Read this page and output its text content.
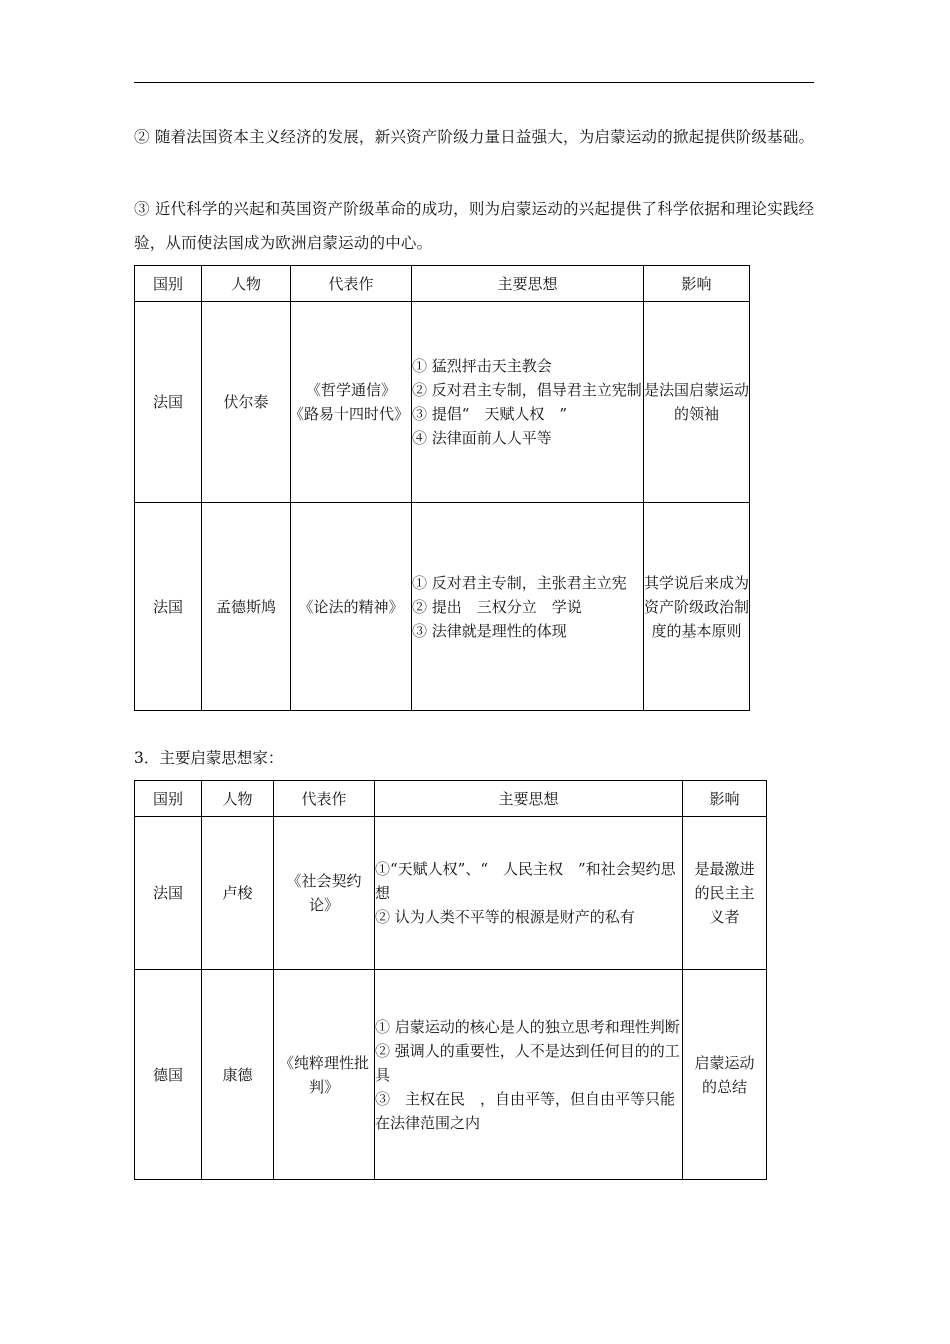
② 随着法国资本主义经济的发展，新兴资产阶级力量日益强大，为启蒙运动的掀起提供阶级基础。
③ 近代科学的兴起和英国资产阶级革命的成功，则为启蒙运动的兴起提供了科学依据和理论实践经验，从而使法国成为欧洲启蒙运动的中心。
国别	人物	代表作	主要思想	影响
法国	伏尔泰	《哲学通信》
《路易十四时代》	① 猛烈抨击天主教会
② 反对君主专制，倡导君主立宪制
③ 提倡“　天赋人权　”
④ 法律面前人人平等	是法国启蒙运动的领袖
法国	孟德斯鸠	《论法的精神》	① 反对君主专制，主张君主立宪
② 提出　三权分立　学说
③ 法律就是理性的体现	其学说后来成为资产阶级政治制度的基本原则
3．主要启蒙思想家：
国别	人物	代表作	主要思想	影响
法国	卢梭	《社会契约论》	①“天赋人权”、“　人民主权　”和社会契约思想
② 认为人类不平等的根源是财产的私有	是最激进的民主主义者
德国	康德	《纯粹理性批判》	① 启蒙运动的核心是人的独立思考和理性判断
② 强调人的重要性，人不是达到任何目的的工具
③　主权在民　，自由平等，但自由平等只能在法律范围之内	启蒙运动的总结
